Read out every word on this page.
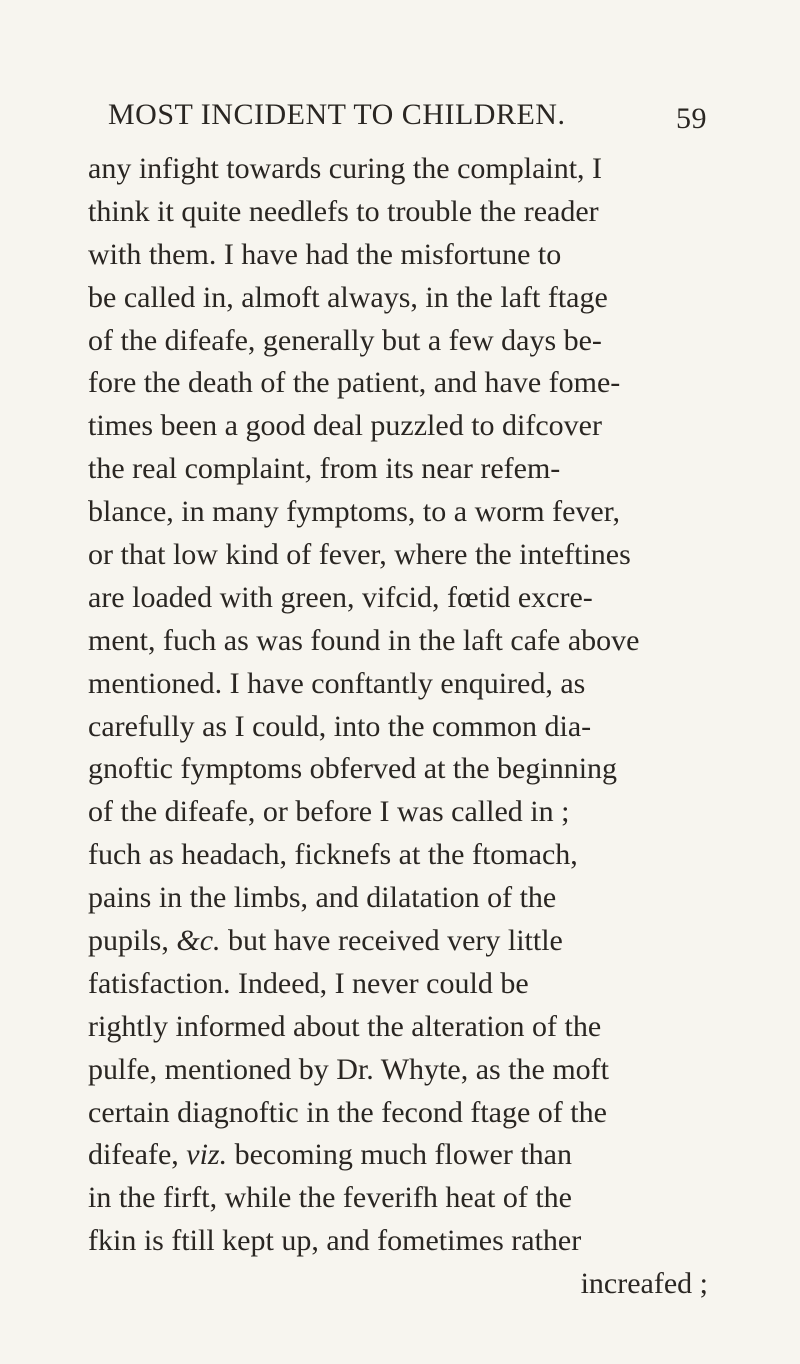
MOST INCIDENT TO CHILDREN.	59
any infight towards curing the complaint, I
think it quite needlefs to trouble the reader
with them. I have had the misfortune to
be called in, almoft always, in the laft ftage
of the difeafe, generally but a few days be-
fore the death of the patient, and have fome-
times been a good deal puzzled to difcover
the real complaint, from its near refem-
blance, in many fymptoms, to a worm fever,
or that low kind of fever, where the inteftines
are loaded with green, vifcid, fœtid excre-
ment, fuch as was found in the laft cafe above
mentioned. I have conftantly enquired, as
carefully as I could, into the common dia-
gnoftic fymptoms obferved at the beginning
of the difeafe, or before I was called in ;
fuch as headach, ficknefs at the ftomach,
pains in the limbs, and dilatation of the
pupils, &c. but have received very little
fatisfaction. Indeed, I never could be
rightly informed about the alteration of the
pulfe, mentioned by Dr. Whyte, as the moft
certain diagnoftic in the fecond ftage of the
difeafe, viz. becoming much flower than
in the firft, while the feverifh heat of the
fkin is ftill kept up, and fometimes rather
increafed ;
